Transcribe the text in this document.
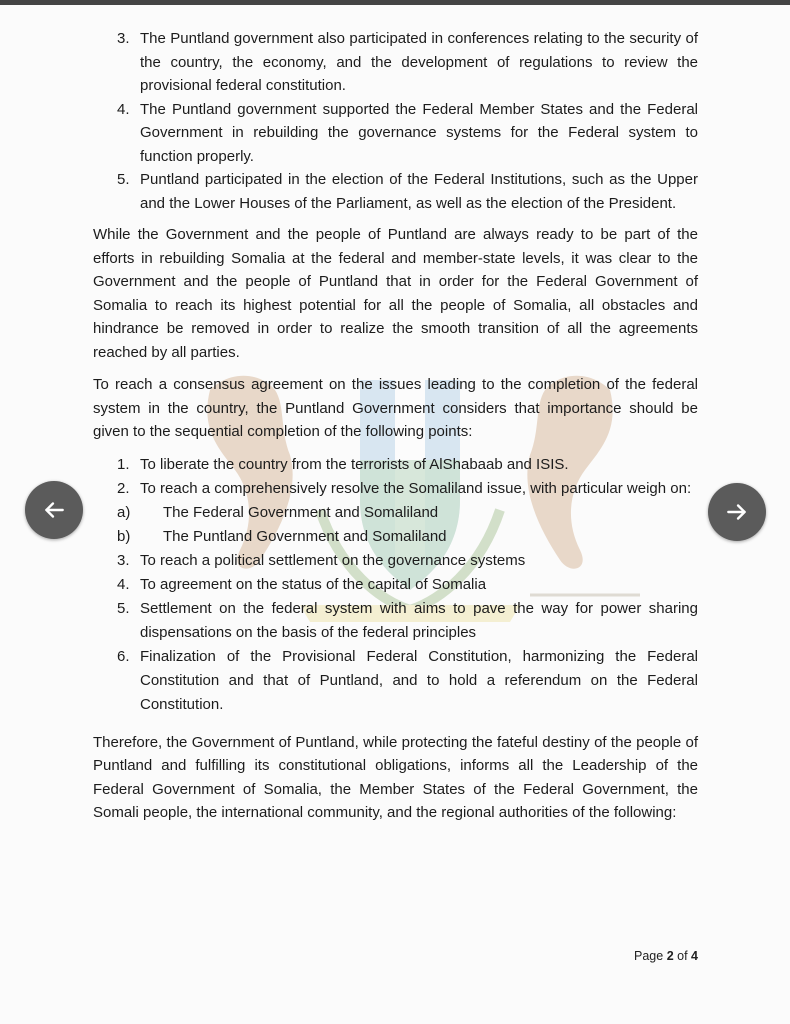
3. The Puntland government also participated in conferences relating to the security of the country, the economy, and the development of regulations to review the provisional federal constitution.
4. The Puntland government supported the Federal Member States and the Federal Government in rebuilding the governance systems for the Federal system to function properly.
5. Puntland participated in the election of the Federal Institutions, such as the Upper and the Lower Houses of the Parliament, as well as the election of the President.

While the Government and the people of Puntland are always ready to be part of the efforts in rebuilding Somalia at the federal and member-state levels, it was clear to the Government and the people of Puntland that in order for the Federal Government of Somalia to reach its highest potential for all the people of Somalia, all obstacles and hindrance be removed in order to realize the smooth transition of all the agreements reached by all parties.

To reach a consensus agreement on the issues leading to the completion of the federal system in the country, the Puntland Government considers that importance should be given to the sequential completion of the following points:

1. To liberate the country from the terrorists of AlShabaab and ISIS.
2. To reach a comprehensively resolve the Somaliland issue, with particular weigh on:
a) The Federal Government and Somaliland
b) The Puntland Government and Somaliland
3. To reach a political settlement on the governance systems
4. To agreement on the status of the capital of Somalia
5. Settlement on the federal system with aims to pave the way for power sharing dispensations on the basis of the federal principles
6. Finalization of the Provisional Federal Constitution, harmonizing the Federal Constitution and that of Puntland, and to hold a referendum on the Federal Constitution.

Therefore, the Government of Puntland, while protecting the fateful destiny of the people of Puntland and fulfilling its constitutional obligations, informs all the Leadership of the Federal Government of Somalia, the Member States of the Federal Government, the Somali people, the international community, and the regional authorities of the following:

Page 2 of 4
